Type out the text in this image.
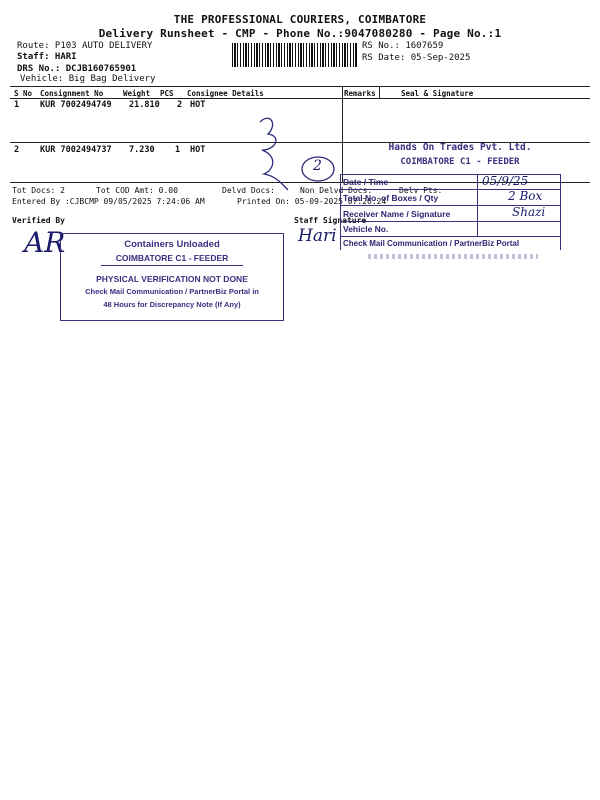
THE PROFESSIONAL COURIERS, COIMBATORE
Delivery Runsheet - CMP - Phone No.:9047080280 - Page No.:1
Route: P103 AUTO DELIVERY
Staff: HARI
DRS No.: DCJB160765901
Vehicle: Big Bag Delivery
RS No.: 1607659
RS Date: 05-Sep-2025
S No Consignment No	Weight PCS Consignee Details	Remarks	Seal & Signature
1 KUR 7002494749 21.810 2 HOT
2 KUR 7002494737 7.230 1 HOT
Tot Docs: 2	Tot COD Amt: 0.00	Delvd Docs:	Non Delvd Docs:	Delv Pts:
Entered By :CJBCMP 09/05/2025 7:24:06 AM	Printed On: 05-09-2025 07:26:24
Verified By	Staff Signature
2
AR	Hari
Containers Unloaded
COIMBATORE C1 - FEEDER
PHYSICAL VERIFICATION NOT DONE
Check Mail Communication / PartnerBiz Portal in
48 Hours for Discrepancy Note (If Any)
Hands On Trades Pvt. Ltd.
COIMBATORE C1 - FEEDER
Date / Time	05/9/25
Total No. of Boxes / Qty	2 Box
Receiver Name / Signature	Shazi
Vehicle No.
Check Mail Communication / PartnerBiz Portal
